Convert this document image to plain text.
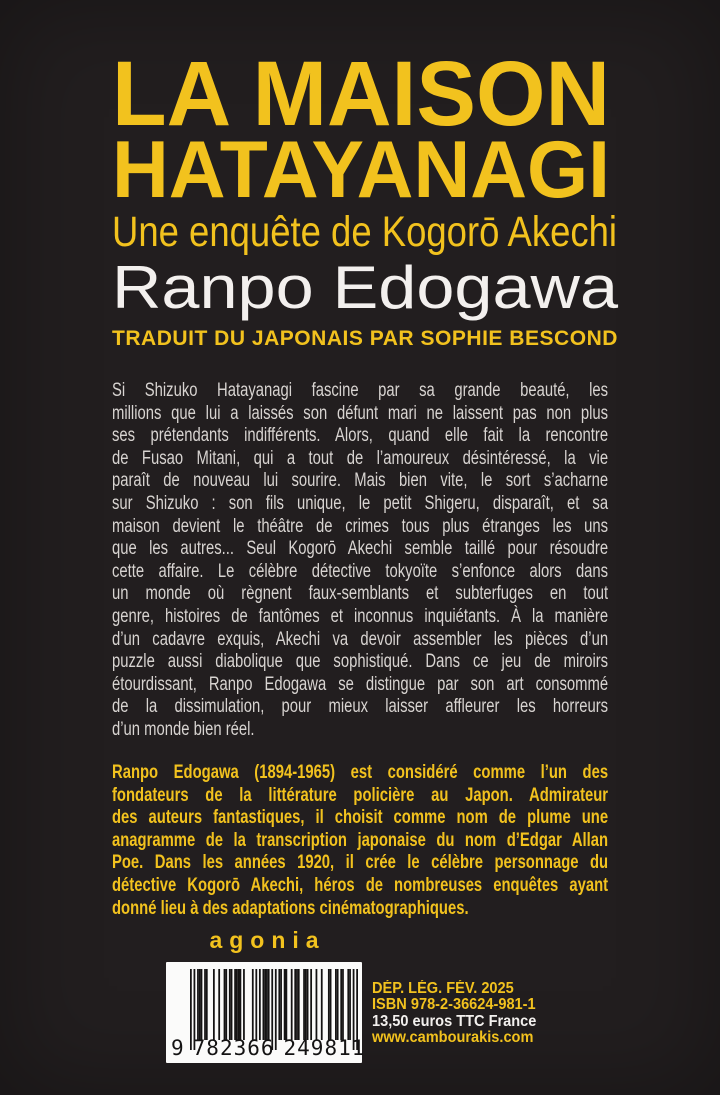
LA MAISON
HATAYANAGI
Une enquête de Kogorō Akechi
Ranpo Edogawa
TRADUIT DU JAPONAIS PAR SOPHIE BESCOND
Si Shizuko Hatayanagi fascine par sa grande beauté, les
millions que lui a laissés son défunt mari ne laissent pas non plus
ses prétendants indifférents. Alors, quand elle fait la rencontre
de Fusao Mitani, qui a tout de l’amoureux désintéressé, la vie
paraît de nouveau lui sourire. Mais bien vite, le sort s’acharne
sur Shizuko : son fils unique, le petit Shigeru, disparaît, et sa
maison devient le théâtre de crimes tous plus étranges les uns
que les autres... Seul Kogorō Akechi semble taillé pour résoudre
cette affaire. Le célèbre détective tokyoïte s’enfonce alors dans
un monde où règnent faux-semblants et subterfuges en tout
genre, histoires de fantômes et inconnus inquiétants. À la manière
d’un cadavre exquis, Akechi va devoir assembler les pièces d’un
puzzle aussi diabolique que sophistiqué. Dans ce jeu de miroirs
étourdissant, Ranpo Edogawa se distingue par son art consommé
de la dissimulation, pour mieux laisser affleurer les horreurs
d’un monde bien réel.
Ranpo Edogawa (1894-1965) est considéré comme l’un des
fondateurs de la littérature policière au Japon. Admirateur
des auteurs fantastiques, il choisit comme nom de plume une
anagramme de la transcription japonaise du nom d’Edgar Allan
Poe. Dans les années 1920, il crée le célèbre personnage du
détective Kogorō Akechi, héros de nombreuses enquêtes ayant
donné lieu à des adaptations cinématographiques.
agonia
9 782366 249811
DÉP. LÉG. FÉV. 2025
ISBN 978-2-36624-981-1
13,50 euros TTC France
www.cambourakis.com
